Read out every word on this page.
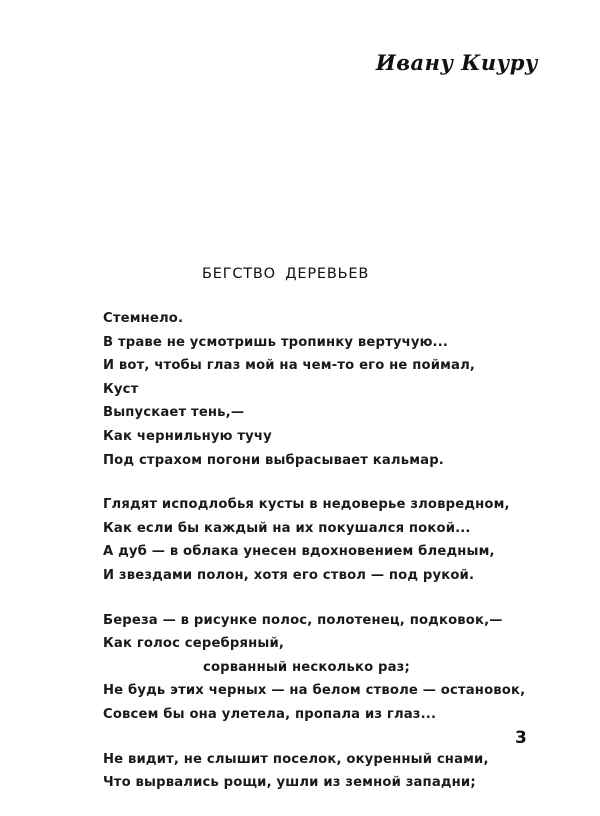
Ивану Киуру
БЕГСТВО ДЕРЕВЬЕВ
Стемнело.
В траве не усмотришь тропинку вертучую...
И вот, чтобы глаз мой на чем-то его не поймал,
Куст
Выпускает тень,—
Как чернильную тучу
Под страхом погони выбрасывает кальмар.
Глядят исподлобья кусты в недоверье зловредном,
Как если бы каждый на их покушался покой...
А дуб — в облака унесен вдохновением бледным,
И звездами полон, хотя его ствол — под рукой.
Береза — в рисунке полос, полотенец, подковок,—
Как голос серебряный,
сорванный несколько раз;
Не будь этих черных — на белом стволе — остановок,
Совсем бы она улетела, пропала из глаз...
Не видит, не слышит поселок, окуренный снами,
Что вырвались рощи, ушли из земной западни;
3
